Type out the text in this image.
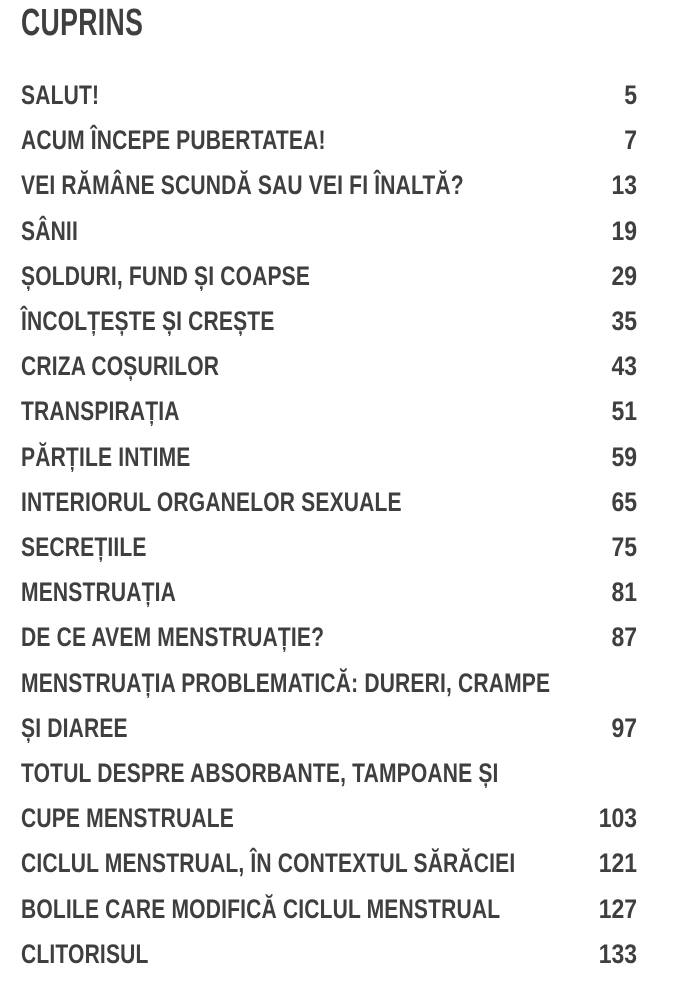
CUPRINS
SALUT!	5
ACUM ÎNCEPE PUBERTATEA!	7
VEI RĂMÂNE SCUNDĂ SAU VEI FI ÎNALTĂ?	13
SÂNII	19
ȘOLDURI, FUND ȘI COAPSE	29
ÎNCOLȚEȘTE ȘI CREȘTE	35
CRIZA COȘURILOR	43
TRANSPIRAȚIA	51
PĂRȚILE INTIME	59
INTERIORUL ORGANELOR SEXUALE	65
SECREȚIILE	75
MENSTRUAȚIA	81
DE CE AVEM MENSTRUAȚIE?	87
MENSTRUAȚIA PROBLEMATICĂ: DURERI, CRAMPE
ȘI DIAREE	97
TOTUL DESPRE ABSORBANTE, TAMPOANE ȘI
CUPE MENSTRUALE	103
CICLUL MENSTRUAL, ÎN CONTEXTUL SĂRĂCIEI	121
BOLILE CARE MODIFICĂ CICLUL MENSTRUAL	127
CLITORISUL	133
